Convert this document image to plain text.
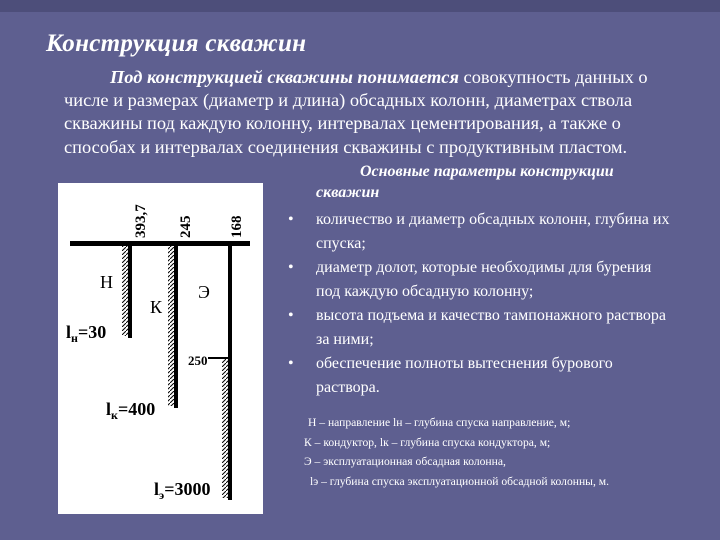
Конструкция скважин

Под конструкцией скважины понимается совокупность данных о числе и размерах (диаметр и длина) обсадных колонн, диаметрах ствола скважины под каждую колонну, интервалах цементирования, а также о способах и интервалах соединения скважины с продуктивным пластом.

393,7 245 168
Н
К
Э
250
$l_н=30$
$l_к=400$
$l_э=3000$

Основные параметры конструкции
скважин

• количество и диаметр обсадных колонн, глубина их спуска;
• диаметр долот, которые необходимы для бурения под каждую обсадную колонну;
• высота подъема и качество тампонажного раствора за ними;
• обеспечение полноты вытеснения бурового раствора.
Н – направление lн – глубина спуска направление, м;
К – кондуктор, lк – глубина спуска кондуктора, м;
Э – эксплуатационная обсадная колонна,
lэ – глубина спуска эксплуатационной обсадной колонны, м.
